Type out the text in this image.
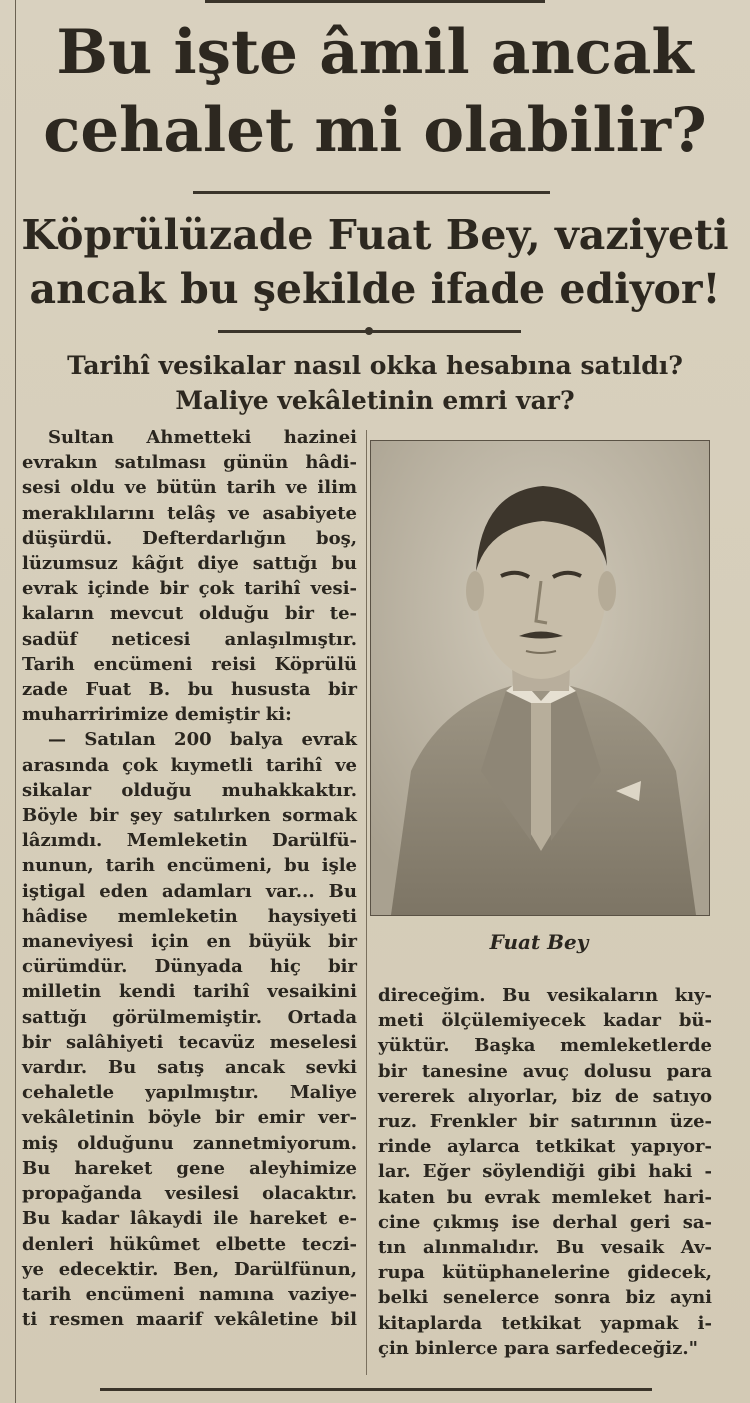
Bu işte âmil ancak
cehalet mi olabilir?
Köprülüzade Fuat Bey, vaziyeti
ancak bu şekilde ifade ediyor!
Tarihî vesikalar nasıl okka hesabına satıldı?
Maliye vekâletinin emri var?
Sultan Ahmetteki hazinei
evrakın satılması günün hâdi-
sesi oldu ve bütün tarih ve ilim
meraklılarını telâş ve asabiyete
düşürdü. Defterdarlığın boş,
lüzumsuz kâğıt diye sattığı bu
evrak içinde bir çok tarihî vesi-
kaların mevcut olduğu bir te-
sadüf neticesi anlaşılmıştır.
Tarih encümeni reisi Köprülü
zade Fuat B. bu hususta bir
muharririmize demiştir ki:
— Satılan 200 balya evrak
arasında çok kıymetli tarihî ve
sikalar olduğu muhakkaktır.
Böyle bir şey satılırken sormak
lâzımdı. Memleketin Darülfü-
nunun, tarih encümeni, bu işle
iştigal eden adamları var... Bu
hâdise memleketin haysiyeti
maneviyesi için en büyük bir
cürümdür. Dünyada hiç bir
milletin kendi tarihî vesaikini
sattığı görülmemiştir. Ortada
bir salâhiyeti tecavüz meselesi
vardır. Bu satış ancak sevki
cehaletle yapılmıştır. Maliye
vekâletinin böyle bir emir ver-
miş olduğunu zannetmiyorum.
Bu hareket gene aleyhimize
propağanda vesilesi olacaktır.
Bu kadar lâkaydi ile hareket e-
denleri hükûmet elbette teczi-
ye edecektir. Ben, Darülfünun,
tarih encümeni namına vaziye-
ti resmen maarif vekâletine bil
Fuat Bey
direceğim. Bu vesikaların kıy-
meti ölçülemiyecek kadar bü-
yüktür. Başka memleketlerde
bir tanesine avuç dolusu para
vererek alıyorlar, biz de satıyo
ruz. Frenkler bir satırının üze-
rinde aylarca tetkikat yapıyor-
lar. Eğer söylendiği gibi haki -
katen bu evrak memleket hari-
cine çıkmış ise derhal geri sa-
tın alınmalıdır. Bu vesaik Av-
rupa kütüphanelerine gidecek,
belki senelerce sonra biz ayni
kitaplarda tetkikat yapmak i-
çin binlerce para sarfedeceğiz."
